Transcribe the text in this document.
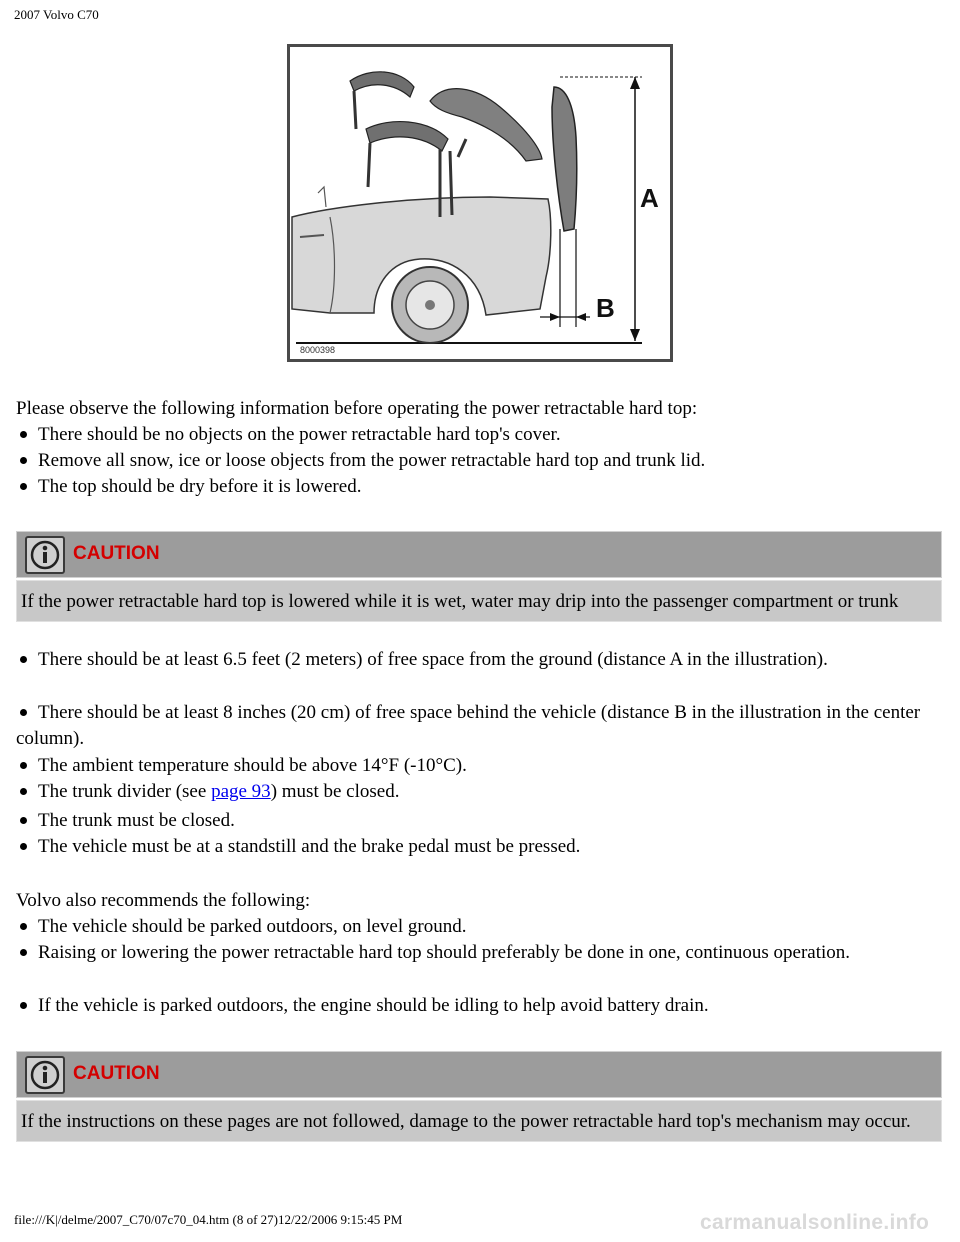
2007 Volvo C70
A
B
8000398
Please observe the following information before operating the power retractable hard top:
There should be no objects on the power retractable hard top's cover.
Remove all snow, ice or loose objects from the power retractable hard top and trunk lid.
The top should be dry before it is lowered.
CAUTION
If the power retractable hard top is lowered while it is wet, water may drip into the passenger compartment or trunk
There should be at least 6.5 feet (2 meters) of free space from the ground (distance A in the illustration).
There should be at least 8 inches (20 cm) of free space behind the vehicle (distance B in the illustration in the center column).
The ambient temperature should be above 14°F (-10°C).
The trunk divider (see page 93) must be closed.
The trunk must be closed.
The vehicle must be at a standstill and the brake pedal must be pressed.
Volvo also recommends the following:
The vehicle should be parked outdoors, on level ground.
Raising or lowering the power retractable hard top should preferably be done in one, continuous operation.
If the vehicle is parked outdoors, the engine should be idling to help avoid battery drain.
CAUTION
If the instructions on these pages are not followed, damage to the power retractable hard top's mechanism may occur.
file:///K|/delme/2007_C70/07c70_04.htm (8 of 27)12/22/2006 9:15:45 PM	carmanualsonline.info
